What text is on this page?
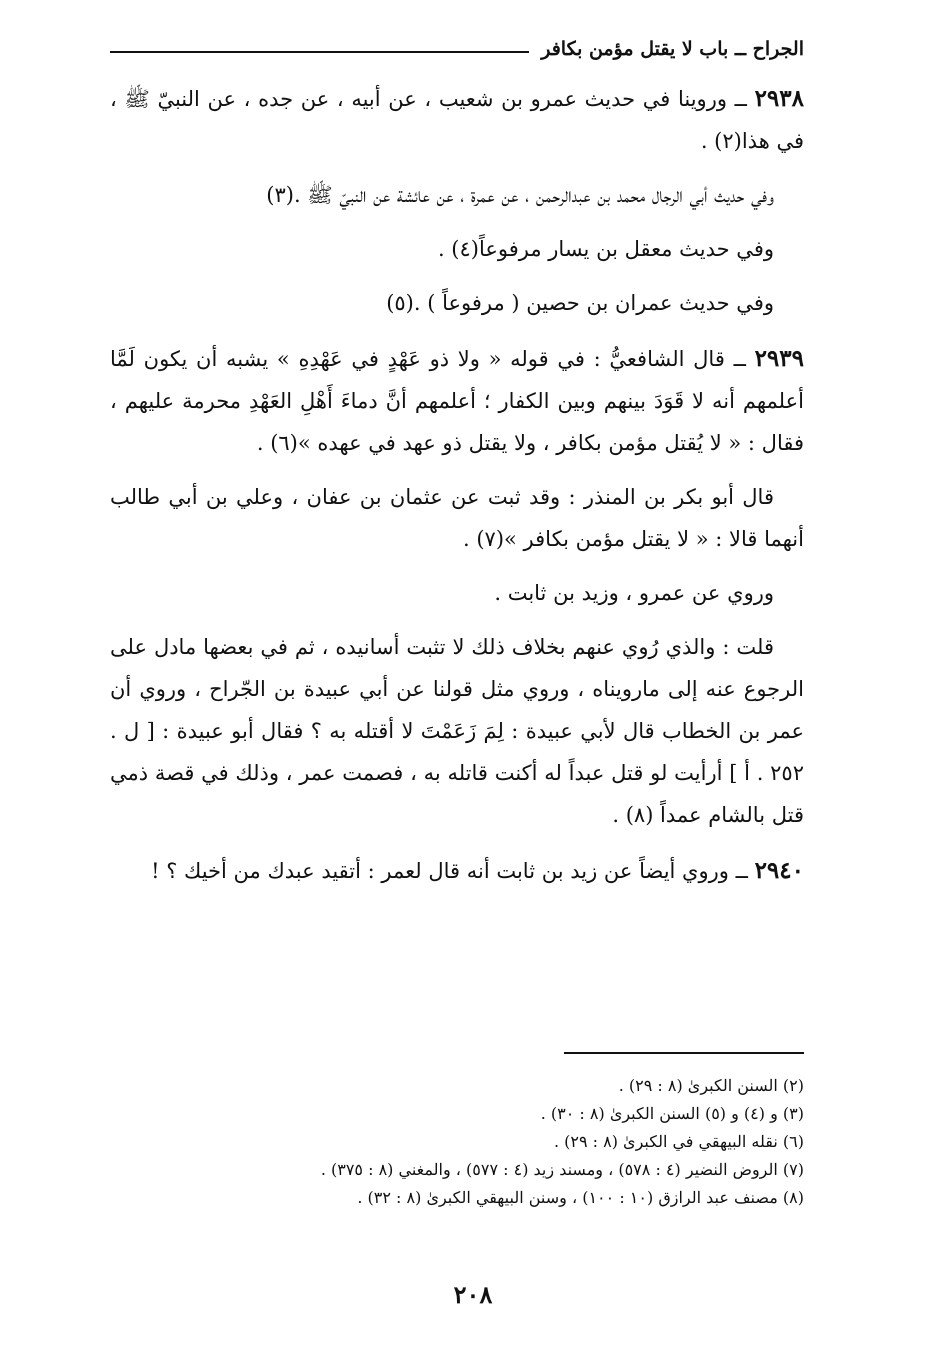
الجراح ــ باب لا يقتل مؤمن بكافر

٢٩٣٨ ــ وروينا في حديث عمرو بن شعيب ، عن أبيه ، عن جده ، عن النبيّ ﷺ ، في هذا(٢) .

وفي حديث أبي الرجال محمد بن عبدالرحمن ، عن عمرة ، عن عائشة عن النبيّ ﷺ .(٣)

وفي حديث معقل بن يسار مرفوعاً(٤) .

وفي حديث عمران بن حصين ( مرفوعاً ) .(٥)

٢٩٣٩ ــ قال الشافعيُّ : في قوله « ولا ذو عَهْدٍ في عَهْدِهِ » يشبه أن يكون لَمَّا أعلمهم أنه لا قَوَدَ بينهم وبين الكفار ؛ أعلمهم أنَّ دماءَ أَهْلِ العَهْدِ محرمة عليهم ، فقال : « لا يُقتل مؤمن بكافر ، ولا يقتل ذو عهد في عهده »(٦) .

قال أبو بكر بن المنذر : وقد ثبت عن عثمان بن عفان ، وعلي بن أبي طالب أنهما قالا : « لا يقتل مؤمن بكافر »(٧) .

وروي عن عمرو ، وزيد بن ثابت .

قلت : والذي رُوي عنهم بخلاف ذلك لا تثبت أسانيده ، ثم في بعضها مادل على الرجوع عنه إلى مارويناه ، وروي مثل قولنا عن أبي عبيدة بن الجّراح ، وروي أن عمر بن الخطاب قال لأبي عبيدة : لِمَ زَعَمْتَ لا أقتله به ؟ فقال أبو عبيدة : [ ل . ٢٥٢ . أ ] أرأيت لو قتل عبداً له أكنت قاتله به ، فصمت عمر ، وذلك في قصة ذمي قتل بالشام عمداً (٨) .

٢٩٤٠ ــ وروي أيضاً عن زيد بن ثابت أنه قال لعمر : أتقيد عبدك من أخيك ؟ !

(٢) السنن الكبرىٰ (٨ : ٢٩) .
(٣) و (٤) و (٥) السنن الكبرىٰ (٨ : ٣٠) .
(٦) نقله البيهقي في الكبرىٰ (٨ : ٢٩) .
(٧) الروض النضير (٤ : ٥٧٨) ، ومسند زيد (٤ : ٥٧٧) ، والمغني (٨ : ٣٧٥) .
(٨) مصنف عبد الرازق (١٠ : ١٠٠) ، وسنن البيهقي الكبرىٰ (٨ : ٣٢) .
٢٠٨
